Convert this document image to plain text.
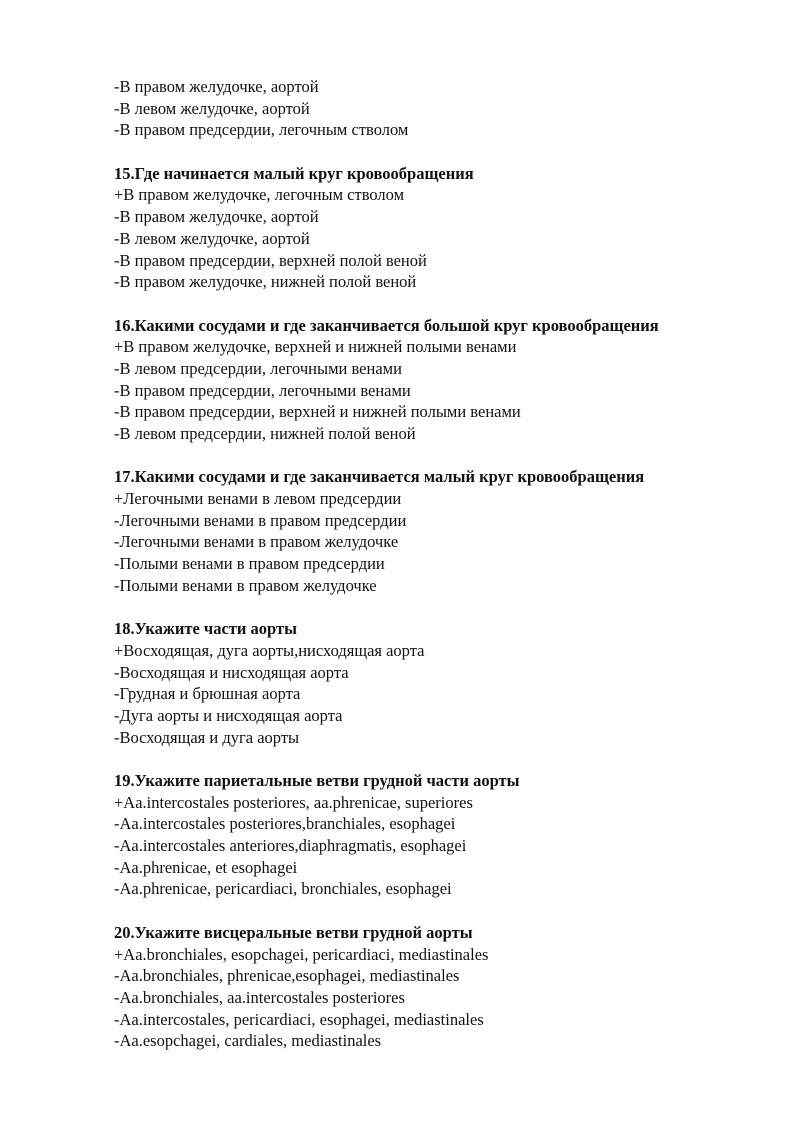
-В правом желудочке, аортой
-В левом желудочке, аортой
-В правом предсердии, легочным стволом
15.Где начинается малый круг кровообращения
+В правом желудочке, легочным стволом
-В правом желудочке, аортой
-В левом желудочке, аортой
-В правом предсердии, верхней полой веной
-В правом желудочке, нижней полой веной
16.Какими сосудами и где заканчивается большой круг кровообращения
+В правом желудочке, верхней и нижней полыми венами
-В левом предсердии, легочными венами
-В правом предсердии, легочными венами
-В правом предсердии, верхней и нижней полыми венами
-В левом предсердии, нижней полой веной
17.Какими сосудами и где заканчивается малый круг кровообращения
+Легочными венами в левом предсердии
-Легочными венами в правом предсердии
-Легочными венами в правом желудочке
-Полыми венами в правом предсердии
-Полыми венами в правом желудочке
18.Укажите части аорты
+Восходящая, дуга аорты,нисходящая аорта
-Восходящая и нисходящая аорта
-Грудная и брюшная аорта
-Дуга аорты и нисходящая аорта
-Восходящая и дуга аорты
19.Укажите париетальные ветви грудной части аорты
+Aa.intercostales posteriores, aa.phrenicae, superiores
-Aa.intercostales posteriores,branchiales, esophagei
-Aa.intercostales anteriores,diaphragmatis, esophagei
-Aa.phrenicae, et esophagei
-Aa.phrenicae, pericardiaci, bronchiales, esophagei
20.Укажите висцеральные ветви грудной аорты
+Aa.bronchiales, esopchagei, pericardiaci, mediastinales
-Aa.bronchiales, phrenicae,esophagei, mediastinales
-Aa.bronchiales, aa.intercostales posteriores
-Aa.intercostales, pericardiaci, esophagei, mediastinales
-Aa.esopchagei, cardiales, mediastinales
